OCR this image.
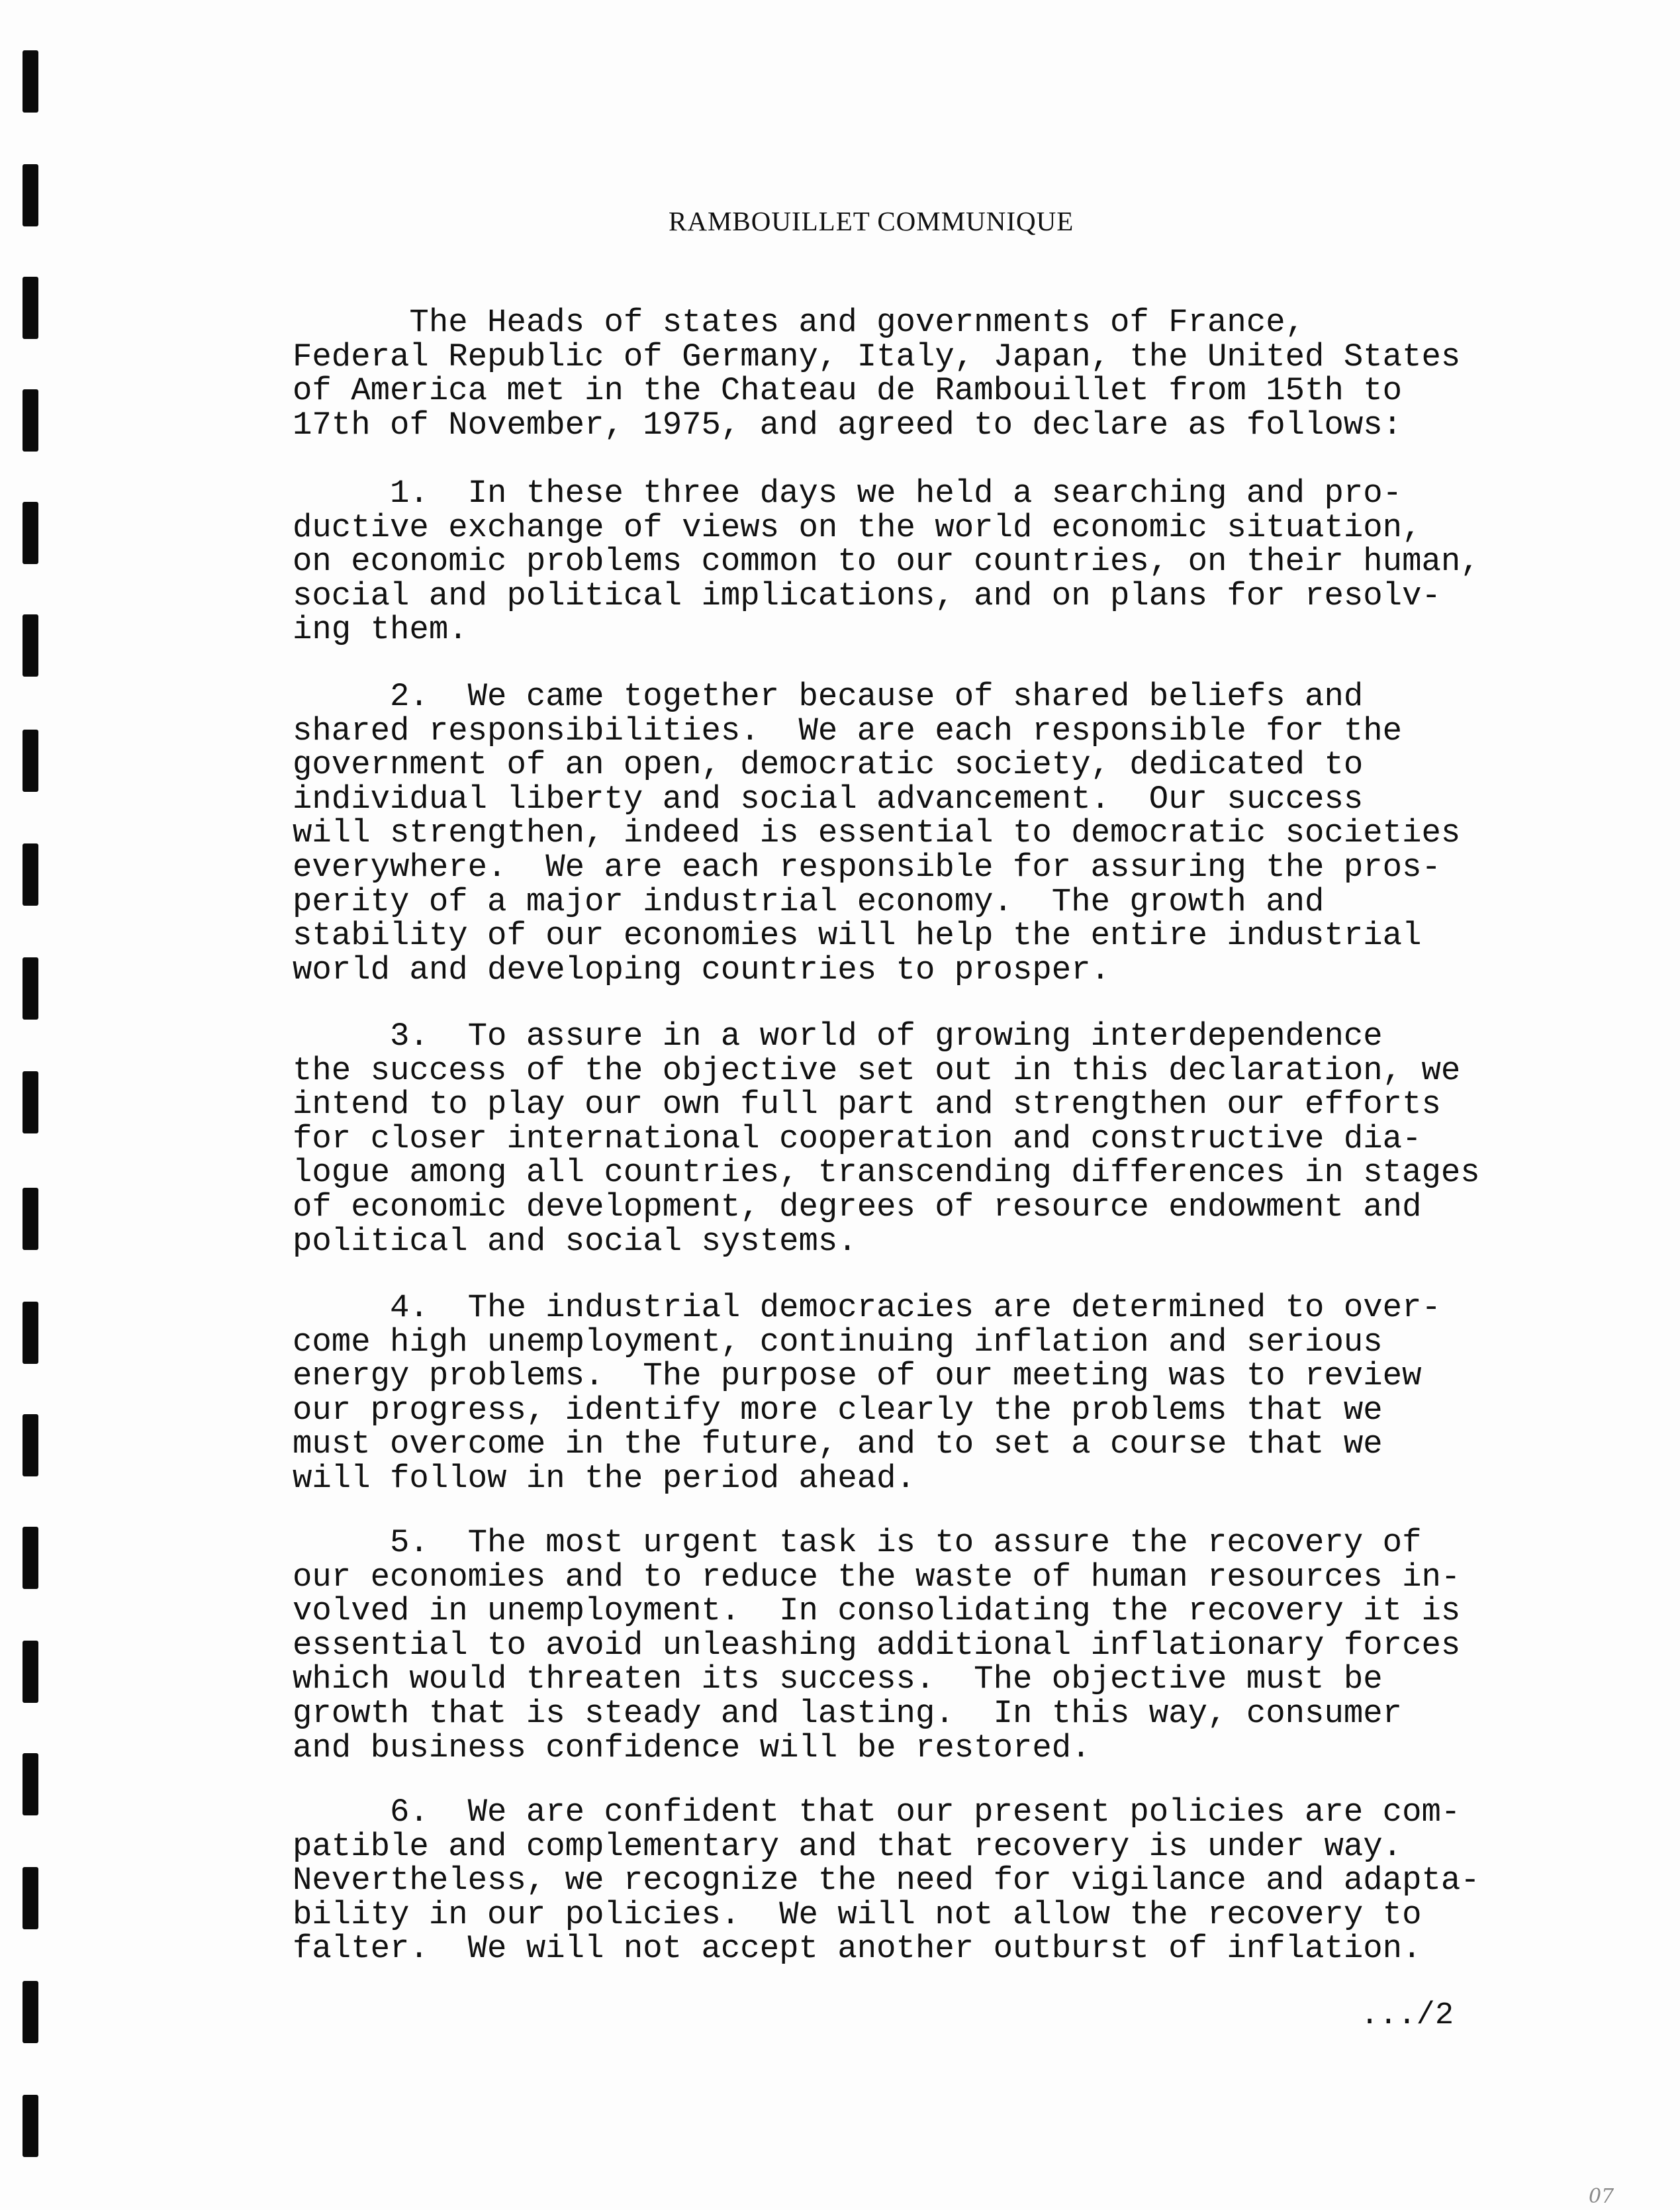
RAMBOUILLET COMMUNIQUE
The Heads of states and governments of France,
Federal Republic of Germany, Italy, Japan, the United States
of America met in the Chateau de Rambouillet from 15th to
17th of November, 1975, and agreed to declare as follows:
1.  In these three days we held a searching and pro-
ductive exchange of views on the world economic situation,
on economic problems common to our countries, on their human,
social and political implications, and on plans for resolv-
ing them.
2.  We came together because of shared beliefs and
shared responsibilities.  We are each responsible for the
government of an open, democratic society, dedicated to
individual liberty and social advancement.  Our success
will strengthen, indeed is essential to democratic societies
everywhere.  We are each responsible for assuring the pros-
perity of a major industrial economy.  The growth and
stability of our economies will help the entire industrial
world and developing countries to prosper.
3.  To assure in a world of growing interdependence
the success of the objective set out in this declaration, we
intend to play our own full part and strengthen our efforts
for closer international cooperation and constructive dia-
logue among all countries, transcending differences in stages
of economic development, degrees of resource endowment and
political and social systems.
4.  The industrial democracies are determined to over-
come high unemployment, continuing inflation and serious
energy problems.  The purpose of our meeting was to review
our progress, identify more clearly the problems that we
must overcome in the future, and to set a course that we
will follow in the period ahead.
5.  The most urgent task is to assure the recovery of
our economies and to reduce the waste of human resources in-
volved in unemployment.  In consolidating the recovery it is
essential to avoid unleashing additional inflationary forces
which would threaten its success.  The objective must be
growth that is steady and lasting.  In this way, consumer
and business confidence will be restored.
6.  We are confident that our present policies are com-
patible and complementary and that recovery is under way.
Nevertheless, we recognize the need for vigilance and adapta-
bility in our policies.  We will not allow the recovery to
falter.  We will not accept another outburst of inflation.
.../2
07
